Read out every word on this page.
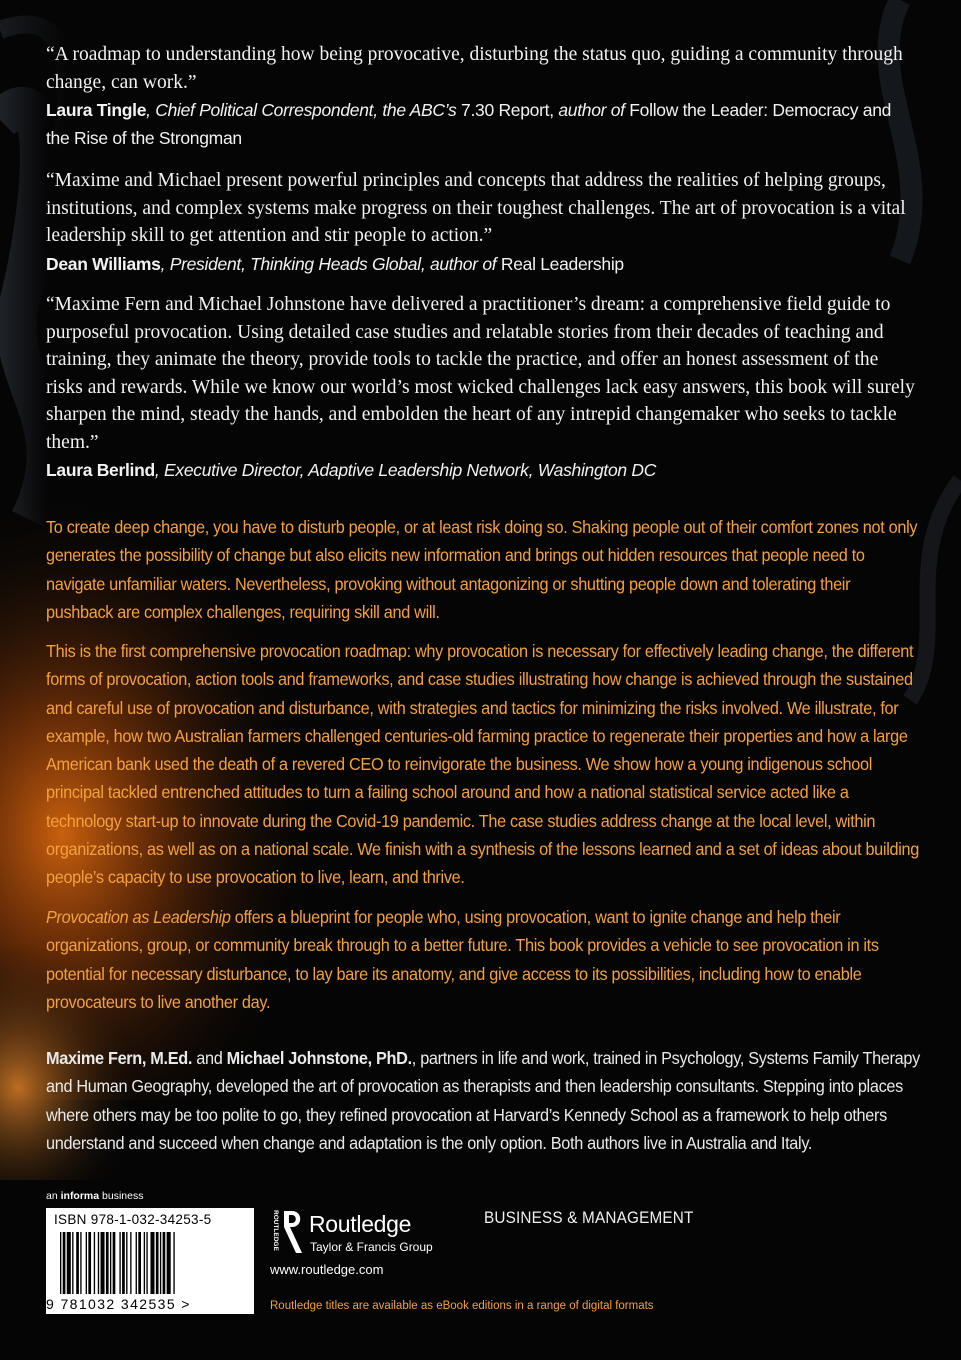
“A roadmap to understanding how being provocative, disturbing the status quo, guiding a community through change, can work.”

Laura Tingle, Chief Political Correspondent, the ABC’s 7.30 Report, author of Follow the Leader: Democracy and the Rise of the Strongman

“Maxime and Michael present powerful principles and concepts that address the realities of helping groups, institutions, and complex systems make progress on their toughest challenges. The art of provocation is a vital leadership skill to get attention and stir people to action.”

Dean Williams, President, Thinking Heads Global, author of Real Leadership

“Maxime Fern and Michael Johnstone have delivered a practitioner’s dream: a comprehensive field guide to purposeful provocation. Using detailed case studies and relatable stories from their decades of teaching and training, they animate the theory, provide tools to tackle the practice, and offer an honest assessment of the risks and rewards. While we know our world’s most wicked challenges lack easy answers, this book will surely sharpen the mind, steady the hands, and embolden the heart of any intrepid changemaker who seeks to tackle them.”

Laura Berlind, Executive Director, Adaptive Leadership Network, Washington DC

To create deep change, you have to disturb people, or at least risk doing so. Shaking people out of their comfort zones not only generates the possibility of change but also elicits new information and brings out hidden resources that people need to navigate unfamiliar waters. Nevertheless, provoking without antagonizing or shutting people down and tolerating their pushback are complex challenges, requiring skill and will.

This is the first comprehensive provocation roadmap: why provocation is necessary for effectively leading change, the different forms of provocation, action tools and frameworks, and case studies illustrating how change is achieved through the sustained and careful use of provocation and disturbance, with strategies and tactics for minimizing the risks involved. We illustrate, for example, how two Australian farmers challenged centuries-old farming practice to regenerate their properties and how a large American bank used the death of a revered CEO to reinvigorate the business. We show how a young indigenous school principal tackled entrenched attitudes to turn a failing school around and how a national statistical service acted like a technology start-up to innovate during the Covid-19 pandemic. The case studies address change at the local level, within organizations, as well as on a national scale. We finish with a synthesis of the lessons learned and a set of ideas about building people’s capacity to use provocation to live, learn, and thrive.

Provocation as Leadership offers a blueprint for people who, using provocation, want to ignite change and help their organizations, group, or community break through to a better future. This book provides a vehicle to see provocation in its potential for necessary disturbance, to lay bare its anatomy, and give access to its possibilities, including how to enable provocateurs to live another day.

Maxime Fern, M.Ed. and Michael Johnstone, PhD., partners in life and work, trained in Psychology, Systems Family Therapy and Human Geography, developed the art of provocation as therapists and then leadership consultants. Stepping into places where others may be too polite to go, they refined provocation at Harvard’s Kennedy School as a framework to help others understand and succeed when change and adaptation is the only option. Both authors live in Australia and Italy.

an informa business
ISBN 978-1-032-34253-5
9 781032 342535 >
ROUTLEDGE Routledge
Taylor & Francis Group
www.routledge.com
Routledge titles are available as eBook editions in a range of digital formats
BUSINESS & MANAGEMENT
